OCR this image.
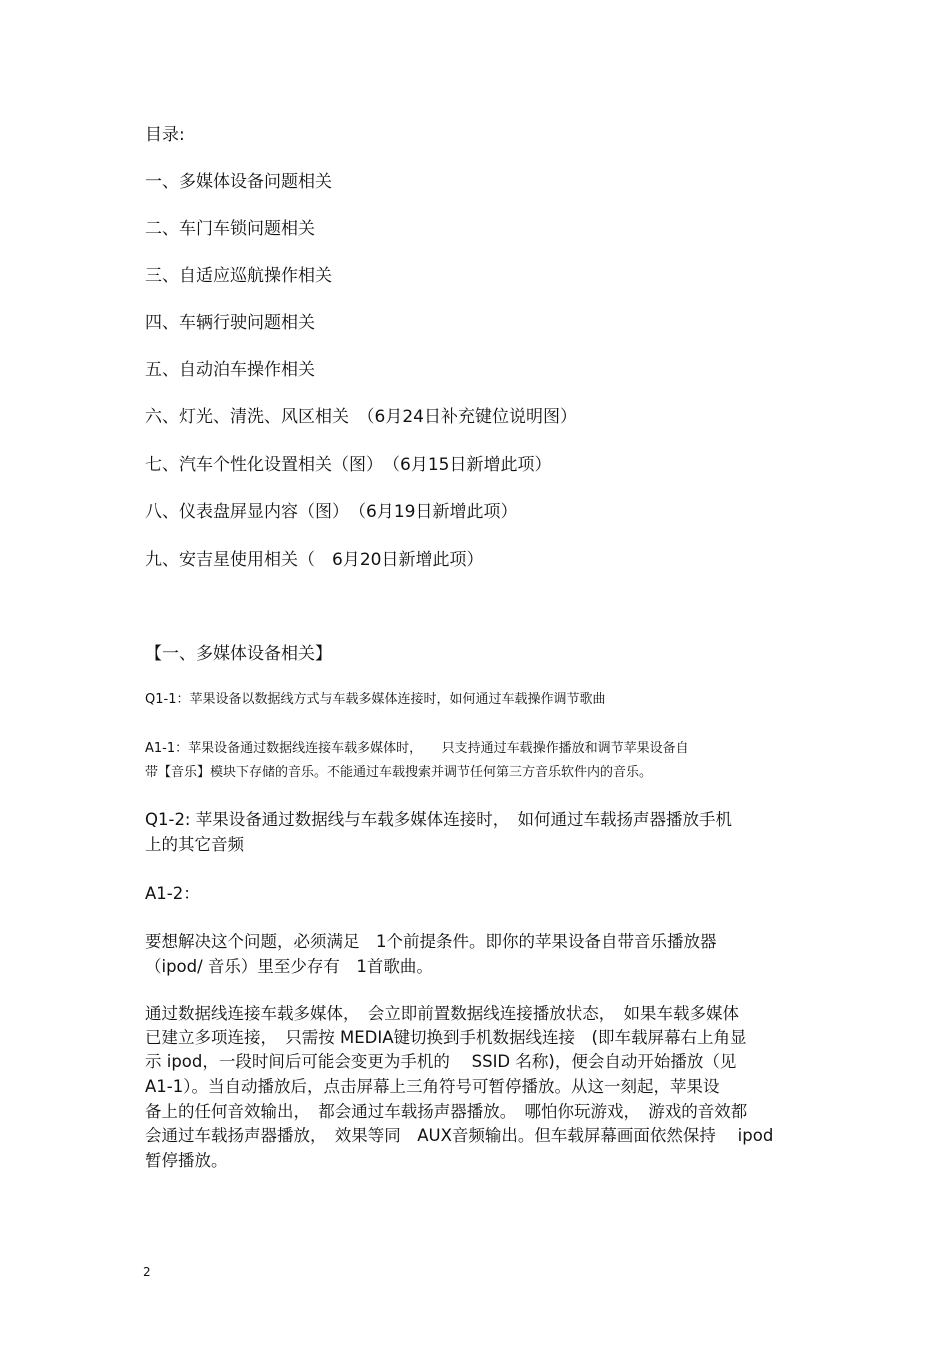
目录:

一、多媒体设备问题相关

二、车门车锁问题相关

三、自适应巡航操作相关

四、车辆行驶问题相关

五、自动泊车操作相关

六、灯光、清洗、风区相关　（6月24日补充键位说明图）

七、汽车个性化设置相关（图）　（6月15日新增此项）

八、仪表盘屏显内容（图）　（6月19日新增此项）

九、安吉星使用相关（　6月20日新增此项）

【一、多媒体设备相关】

Q1-1：苹果设备以数据线方式与车载多媒体连接时，如何通过车载操作调节歌曲

A1-1：苹果设备通过数据线连接车载多媒体时，　　只支持通过车载操作播放和调节苹果设备自

带【音乐】模块下存储的音乐。不能通过车载搜索并调节任何第三方音乐软件内的音乐。

Q1-2: 苹果设备通过数据线与车载多媒体连接时，　如何通过车载扬声器播放手机

上的其它音频

A1-2：

要想解决这个问题，必须满足　1个前提条件。即你的苹果设备自带音乐播放器

（ipod/ 音乐）里至少存有　1首歌曲。

通过数据线连接车载多媒体，　会立即前置数据线连接播放状态，　如果车载多媒体

已建立多项连接，　只需按 MEDIA键切换到手机数据线连接　(即车载屏幕右上角显

示 ipod，一段时间后可能会变更为手机的　 SSID 名称)，便会自动开始播放（见

A1-1）。当自动播放后，点击屏幕上三角符号可暂停播放。从这一刻起，苹果设

备上的任何音效输出，　都会通过车载扬声器播放。　哪怕你玩游戏，　游戏的音效都

会通过车载扬声器播放，　效果等同　AUX音频输出。但车载屏幕画面依然保持　 ipod

暂停播放。

2
